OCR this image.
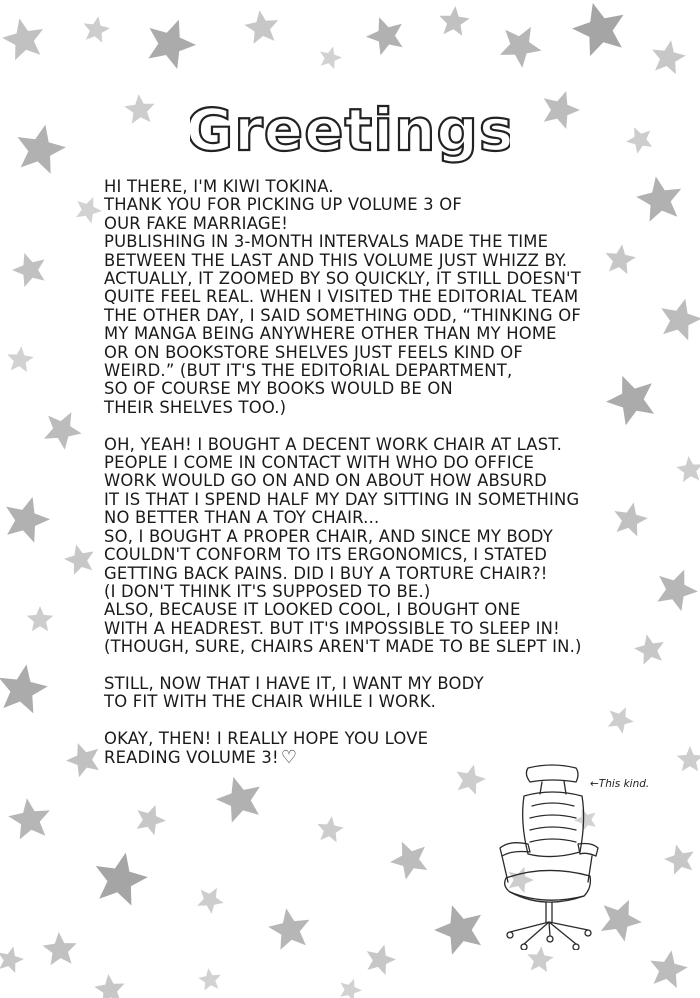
Greetings
HI THERE, I'M KIWI TOKINA.
THANK YOU FOR PICKING UP VOLUME 3 OF
OUR FAKE MARRIAGE!
PUBLISHING IN 3-MONTH INTERVALS MADE THE TIME
BETWEEN THE LAST AND THIS VOLUME JUST WHIZZ BY.
ACTUALLY, IT ZOOMED BY SO QUICKLY, IT STILL DOESN'T
QUITE FEEL REAL. WHEN I VISITED THE EDITORIAL TEAM
THE OTHER DAY, I SAID SOMETHING ODD, “THINKING OF
MY MANGA BEING ANYWHERE OTHER THAN MY HOME
OR ON BOOKSTORE SHELVES JUST FEELS KIND OF
WEIRD.” (BUT IT'S THE EDITORIAL DEPARTMENT,
SO OF COURSE MY BOOKS WOULD BE ON
THEIR SHELVES TOO.)
OH, YEAH! I BOUGHT A DECENT WORK CHAIR AT LAST.
PEOPLE I COME IN CONTACT WITH WHO DO OFFICE
WORK WOULD GO ON AND ON ABOUT HOW ABSURD
IT IS THAT I SPEND HALF MY DAY SITTING IN SOMETHING
NO BETTER THAN A TOY CHAIR...
SO, I BOUGHT A PROPER CHAIR, AND SINCE MY BODY
COULDN'T CONFORM TO ITS ERGONOMICS, I STATED
GETTING BACK PAINS. DID I BUY A TORTURE CHAIR?!
(I DON'T THINK IT'S SUPPOSED TO BE.)
ALSO, BECAUSE IT LOOKED COOL, I BOUGHT ONE
WITH A HEADREST. BUT IT'S IMPOSSIBLE TO SLEEP IN!
(THOUGH, SURE, CHAIRS AREN'T MADE TO BE SLEPT IN.)
STILL, NOW THAT I HAVE IT, I WANT MY BODY
TO FIT WITH THE CHAIR WHILE I WORK.
OKAY, THEN! I REALLY HOPE YOU LOVE
READING VOLUME 3! ♡
←This kind.
